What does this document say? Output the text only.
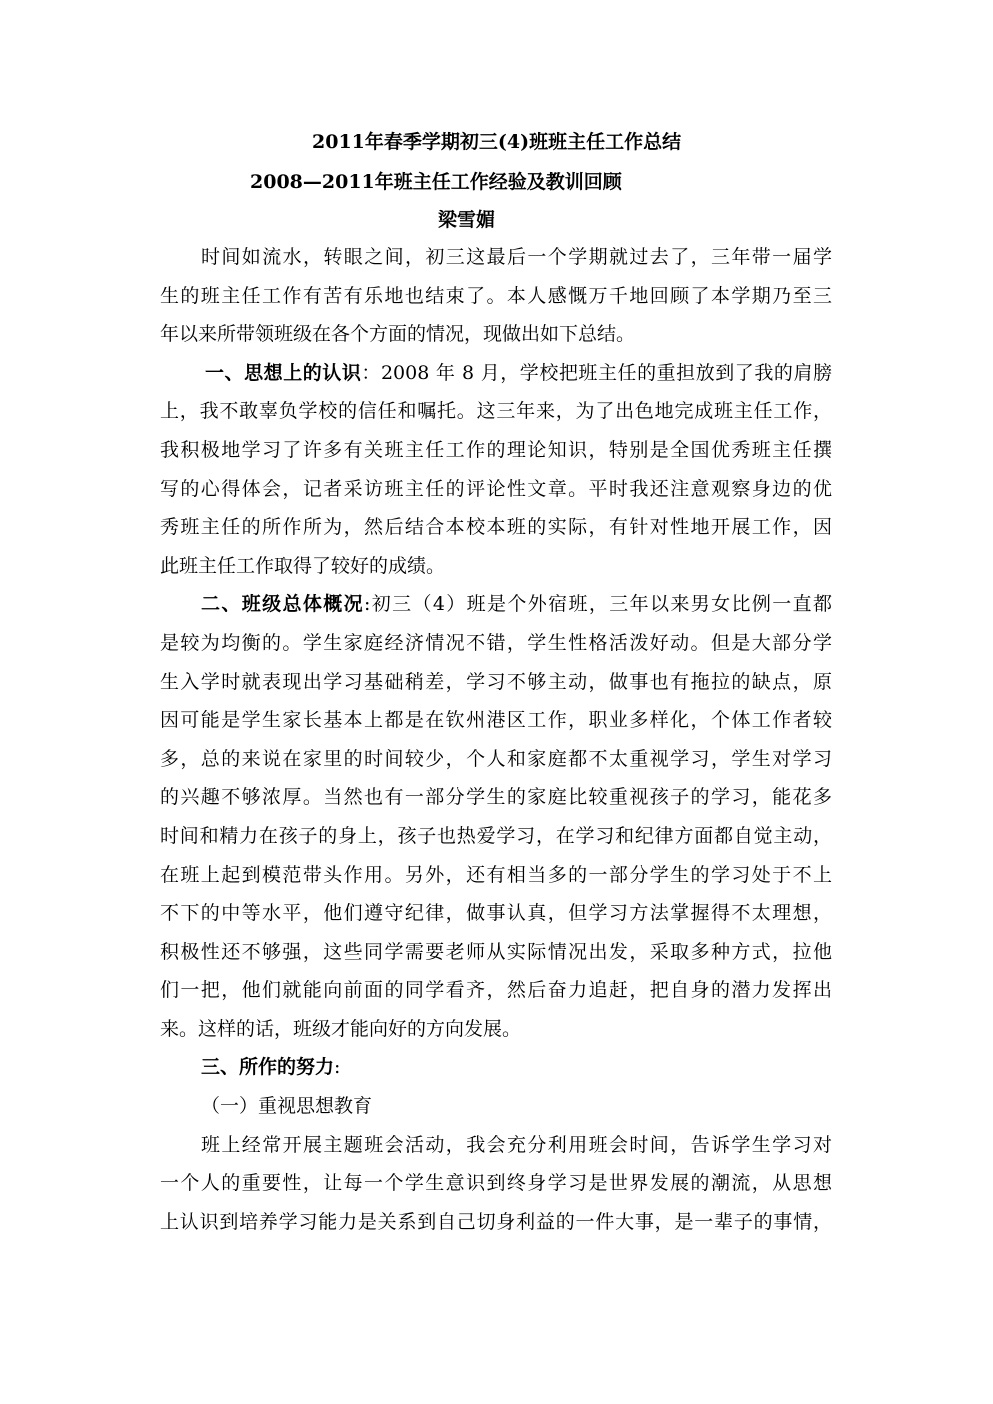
2011年春季学期初三(4)班班主任工作总结
2008—2011年班主任工作经验及教训回顾
梁雪媚
时间如流水，转眼之间，初三这最后一个学期就过去了，三年带一届学
生的班主任工作有苦有乐地也结束了。本人感慨万千地回顾了本学期乃至三
年以来所带领班级在各个方面的情况，现做出如下总结。
一、思想上的认识：2008 年 8 月，学校把班主任的重担放到了我的肩膀
上，我不敢辜负学校的信任和嘱托。这三年来，为了出色地完成班主任工作，
我积极地学习了许多有关班主任工作的理论知识，特别是全国优秀班主任撰
写的心得体会，记者采访班主任的评论性文章。平时我还注意观察身边的优
秀班主任的所作所为，然后结合本校本班的实际，有针对性地开展工作，因
此班主任工作取得了较好的成绩。
二、班级总体概况:初三（4）班是个外宿班，三年以来男女比例一直都
是较为均衡的。学生家庭经济情况不错，学生性格活泼好动。但是大部分学
生入学时就表现出学习基础稍差，学习不够主动，做事也有拖拉的缺点，原
因可能是学生家长基本上都是在钦州港区工作，职业多样化，个体工作者较
多，总的来说在家里的时间较少，个人和家庭都不太重视学习，学生对学习
的兴趣不够浓厚。当然也有一部分学生的家庭比较重视孩子的学习，能花多
时间和精力在孩子的身上，孩子也热爱学习，在学习和纪律方面都自觉主动，
在班上起到模范带头作用。另外，还有相当多的一部分学生的学习处于不上
不下的中等水平，他们遵守纪律，做事认真，但学习方法掌握得不太理想，
积极性还不够强，这些同学需要老师从实际情况出发，采取多种方式，拉他
们一把，他们就能向前面的同学看齐，然后奋力追赶，把自身的潜力发挥出
来。这样的话，班级才能向好的方向发展。
三、所作的努力:
（一）重视思想教育
班上经常开展主题班会活动，我会充分利用班会时间，告诉学生学习对
一个人的重要性，让每一个学生意识到终身学习是世界发展的潮流，从思想
上认识到培养学习能力是关系到自己切身利益的一件大事，是一辈子的事情，
